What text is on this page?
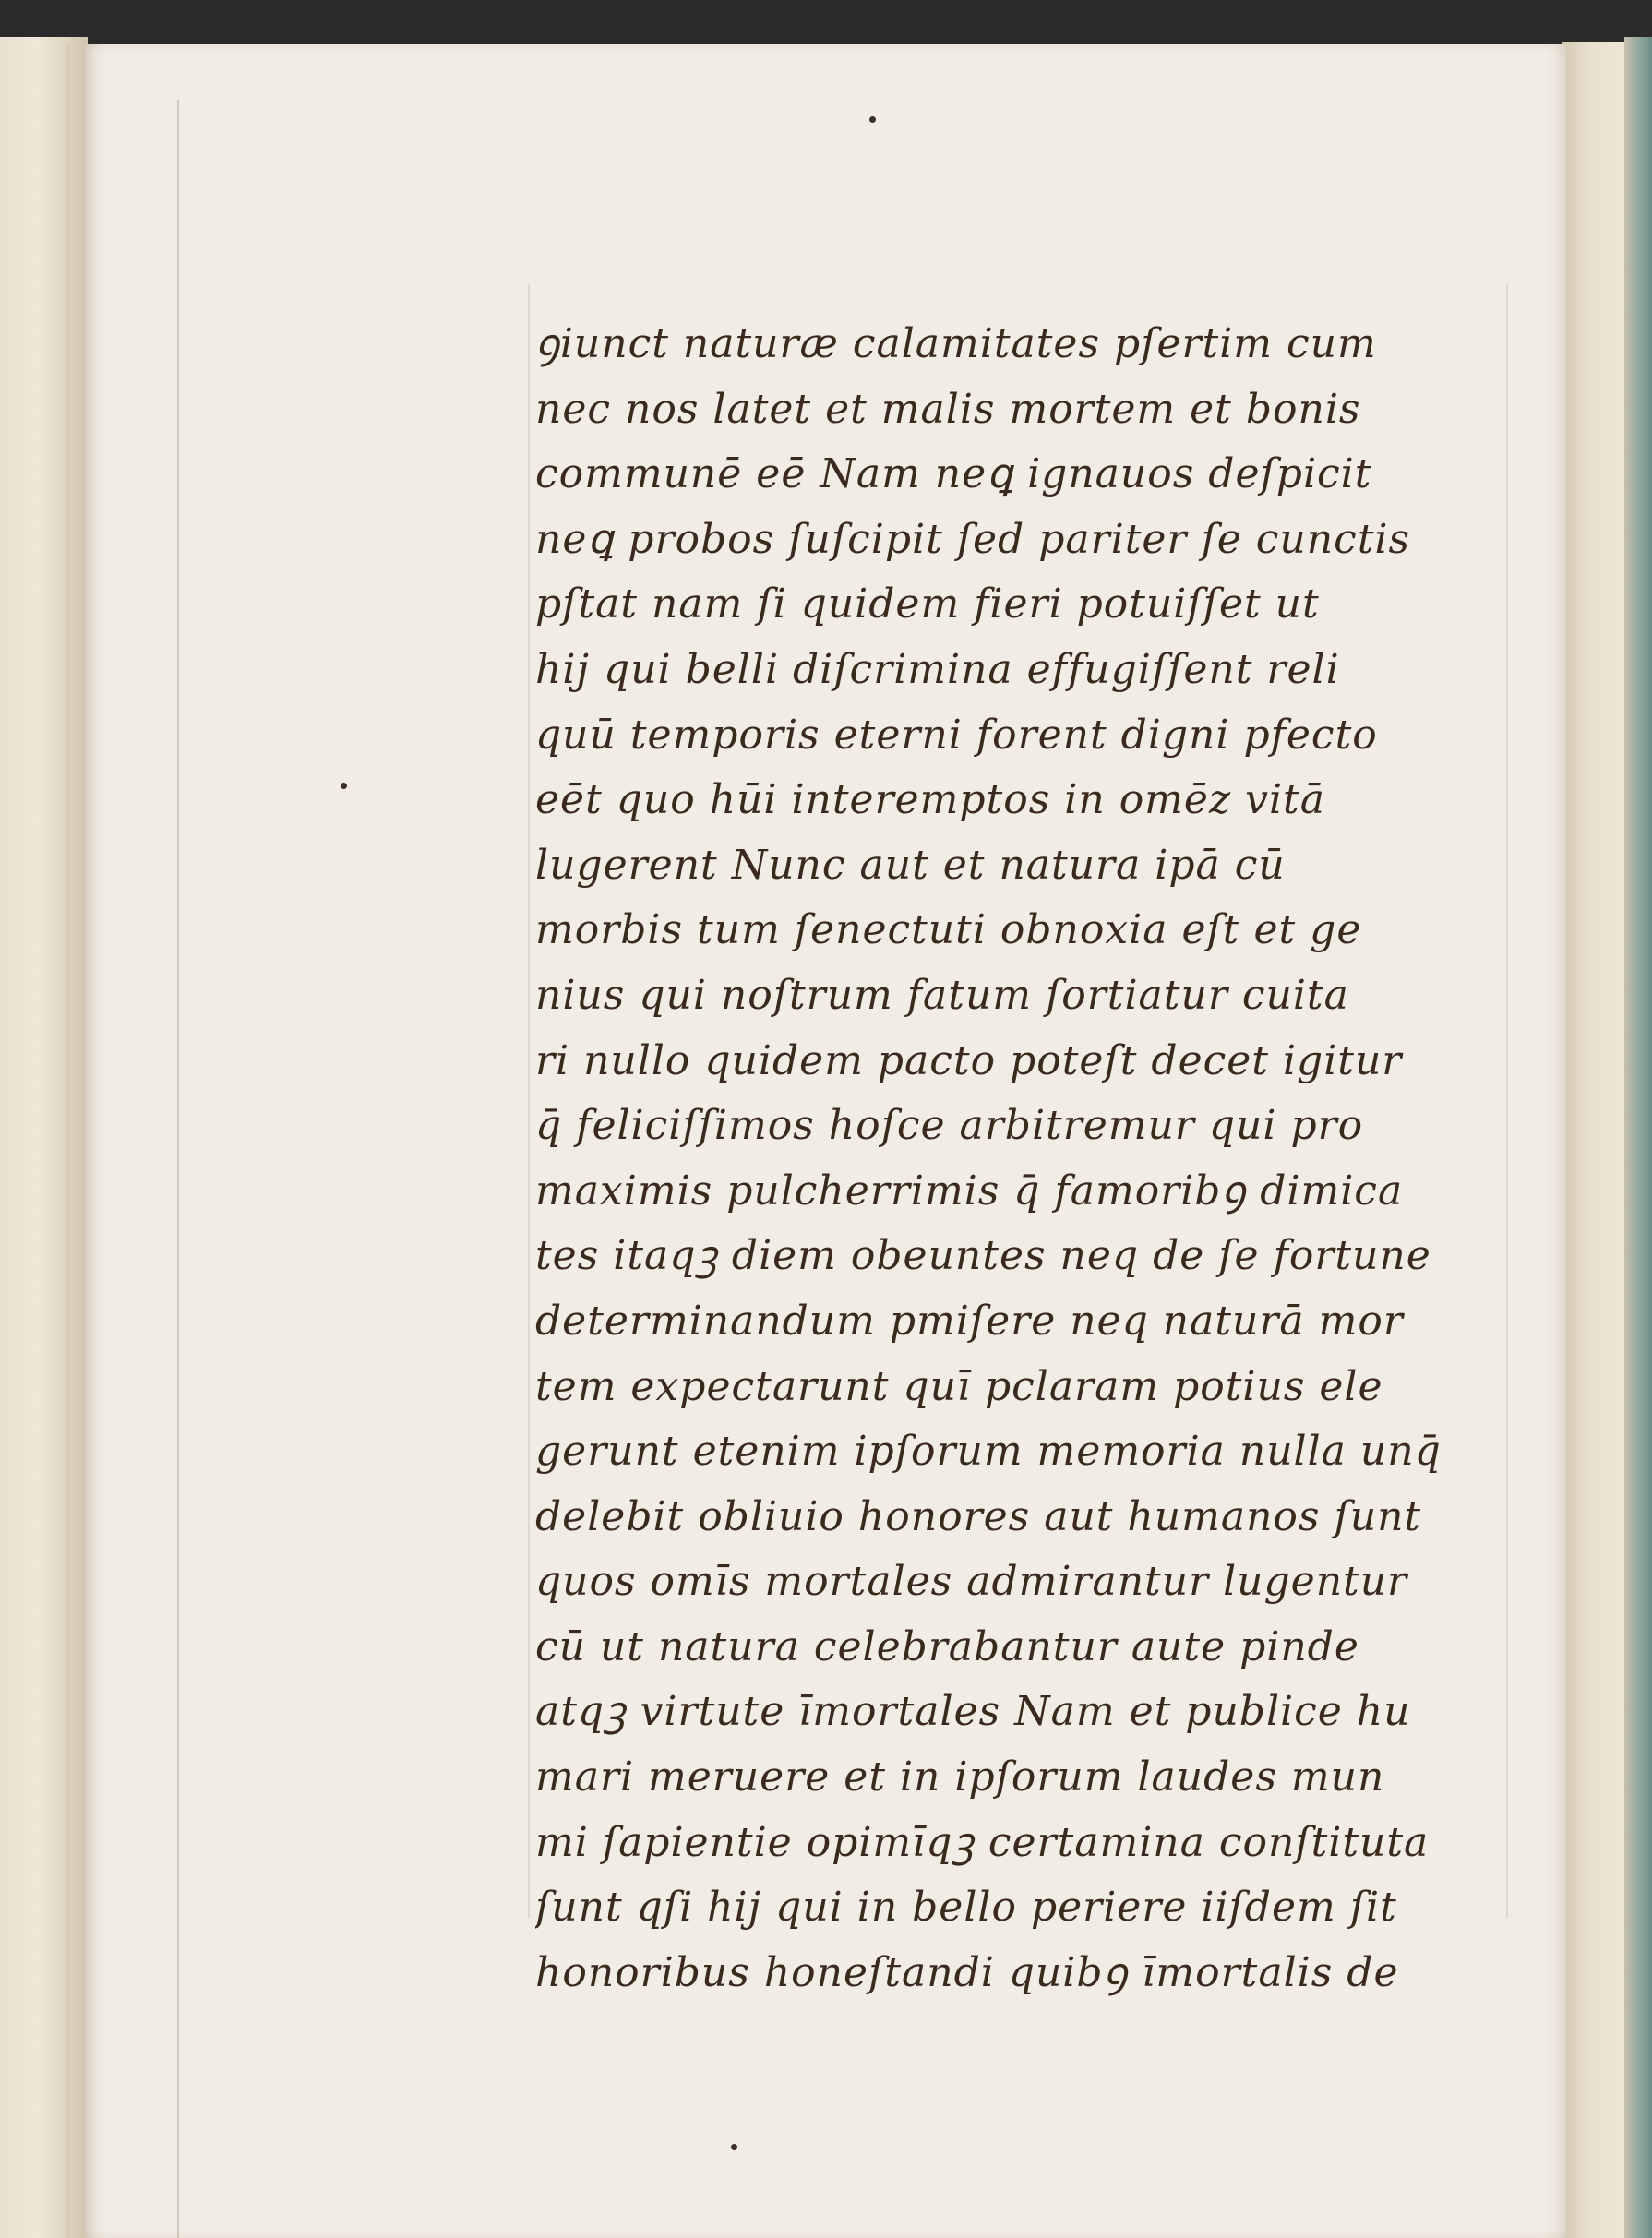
ꝯiunct naturæ calamitates pſertim cum
nec nos latet et malis mortem et bonis
communē eē Nam neꝗ ignauos deſpicit
neꝗ probos ſuſcipit ſed pariter ſe cunctis
pſtat nam ſi quidem fieri potuiſſet ut
hij qui belli diſcrimina effugiſſent reli
quū temporis eterni forent digni pfecto
eēt quo hūi interemptos in omēz vitā
lugerent Nunc aut et natura ipā cū
morbis tum ſenectuti obnoxia eſt et ge
nius qui noſtrum fatum ſortiatur cuita
ri nullo quidem pacto poteſt decet igitur
q̄ feliciſſimos hoſce arbitremur qui pro
maximis pulcherrimis q̄ famoribꝯ dimica
tes itaqꝫ diem obeuntes neq de ſe fortune
determinandum pmiſere neq naturā mor
tem expectarunt quī pclaram potius ele
gerunt etenim ipſorum memoria nulla unq̄
delebit obliuio honores aut humanos ſunt
quos omīs mortales admirantur lugentur
cū ut natura celebrabantur aute pinde
atqꝫ virtute īmortales Nam et publice hu
mari meruere et in ipſorum laudes mun
mi ſapientie opimīqꝫ certamina conſtituta
ſunt qſi hij qui in bello periere iiſdem ſit
honoribus honeſtandi quibꝯ īmortalis de
